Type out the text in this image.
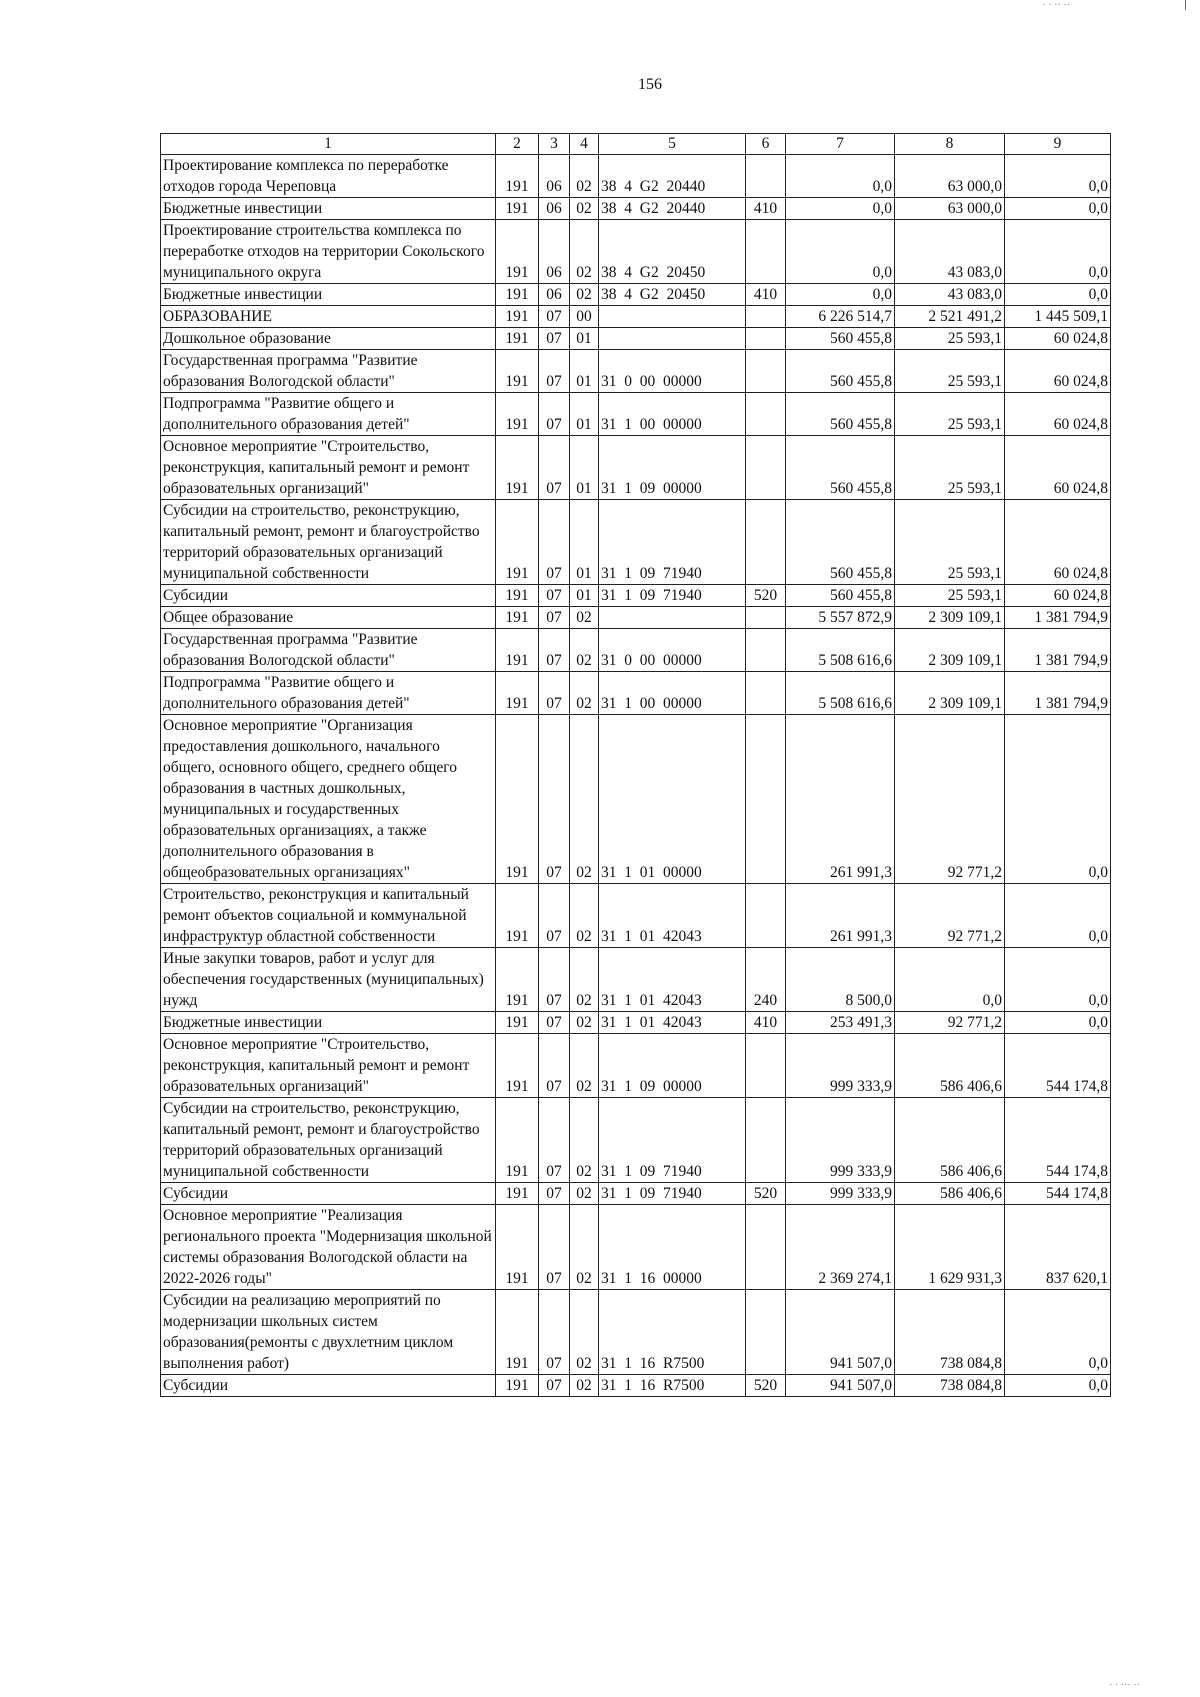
· · ·· ··
156
1	2	3	4	5	6	7	8	9
Проектирование комплекса по переработке отходов города Череповца	191	06	02	38  4  G2  20440		0,0	63 000,0	0,0
Бюджетные инвестиции	191	06	02	38  4  G2  20440	410	0,0	63 000,0	0,0
Проектирование строительства комплекса по переработке отходов на территории Сокольского муниципального округа	191	06	02	38  4  G2  20450		0,0	43 083,0	0,0
Бюджетные инвестиции	191	06	02	38  4  G2  20450	410	0,0	43 083,0	0,0
ОБРАЗОВАНИЕ	191	07	00			6 226 514,7	2 521 491,2	1 445 509,1
Дошкольное образование	191	07	01			560 455,8	25 593,1	60 024,8
Государственная программа "Развитие образования Вологодской области"	191	07	01	31  0  00  00000		560 455,8	25 593,1	60 024,8
Подпрограмма "Развитие общего и дополнительного образования детей"	191	07	01	31  1  00  00000		560 455,8	25 593,1	60 024,8
Основное мероприятие "Строительство, реконструкция, капитальный ремонт и ремонт образовательных организаций"	191	07	01	31  1  09  00000		560 455,8	25 593,1	60 024,8
Субсидии на строительство, реконструкцию, капитальный ремонт, ремонт и благоустройство территорий образовательных организаций муниципальной собственности	191	07	01	31  1  09  71940		560 455,8	25 593,1	60 024,8
Субсидии	191	07	01	31  1  09  71940	520	560 455,8	25 593,1	60 024,8
Общее образование	191	07	02			5 557 872,9	2 309 109,1	1 381 794,9
Государственная программа "Развитие образования Вологодской области"	191	07	02	31  0  00  00000		5 508 616,6	2 309 109,1	1 381 794,9
Подпрограмма "Развитие общего и дополнительного образования детей"	191	07	02	31  1  00  00000		5 508 616,6	2 309 109,1	1 381 794,9
Основное мероприятие "Организация предоставления дошкольного, начального общего, основного общего, среднего общего образования в частных дошкольных, муниципальных и государственных образовательных организациях, а также дополнительного образования в общеобразовательных организациях"	191	07	02	31  1  01  00000		261 991,3	92 771,2	0,0
Строительство, реконструкция и капитальный ремонт объектов социальной и коммунальной инфраструктур областной собственности	191	07	02	31  1  01  42043		261 991,3	92 771,2	0,0
Иные закупки товаров, работ и услуг для обеспечения государственных (муниципальных) нужд	191	07	02	31  1  01  42043	240	8 500,0	0,0	0,0
Бюджетные инвестиции	191	07	02	31  1  01  42043	410	253 491,3	92 771,2	0,0
Основное мероприятие "Строительство, реконструкция, капитальный ремонт и ремонт образовательных организаций"	191	07	02	31  1  09  00000		999 333,9	586 406,6	544 174,8
Субсидии на строительство, реконструкцию, капитальный ремонт, ремонт и благоустройство территорий образовательных организаций муниципальной собственности	191	07	02	31  1  09  71940		999 333,9	586 406,6	544 174,8
Субсидии	191	07	02	31  1  09  71940	520	999 333,9	586 406,6	544 174,8
Основное мероприятие "Реализация регионального проекта "Модернизация школьной системы образования Вологодской области на 2022-2026 годы"	191	07	02	31  1  16  00000		2 369 274,1	1 629 931,3	837 620,1
Субсидии на реализацию мероприятий по модернизации школьных систем образования(ремонты с двухлетним циклом выполнения работ)	191	07	02	31  1  16  R7500		941 507,0	738 084,8	0,0
Субсидии	191	07	02	31  1  16  R7500	520	941 507,0	738 084,8	0,0
· · ··· ··
